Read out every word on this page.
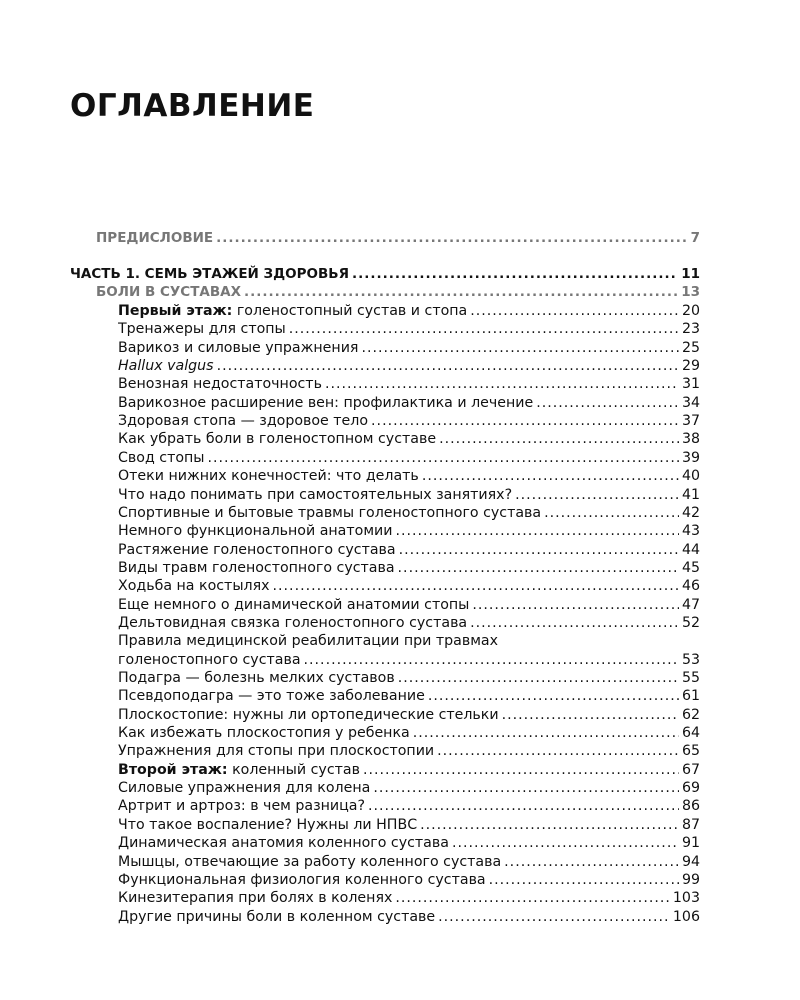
ОГЛАВЛЕНИЕ
ПРЕДИСЛОВИЕ .....	7
ЧАСТЬ 1. СЕМЬ ЭТАЖЕЙ ЗДОРОВЬЯ .....	11
БОЛИ В СУСТАВАХ .....	13
Первый этаж: голеностопный сустав и стопа .....	20
Тренажеры для стопы .....	23
Варикоз и силовые упражнения .....	25
Hallux valgus .....	29
Венозная недостаточность .....	31
Варикозное расширение вен: профилактика и лечение .....	34
Здоровая стопа — здоровое тело .....	37
Как убрать боли в голеностопном суставе .....	38
Свод стопы .....	39
Отеки нижних конечностей: что делать .....	40
Что надо понимать при самостоятельных занятиях? .....	41
Спортивные и бытовые травмы голеностопного сустава .....	42
Немного функциональной анатомии .....	43
Растяжение голеностопного сустава .....	44
Виды травм голеностопного сустава .....	45
Ходьба на костылях .....	46
Еще немного о динамической анатомии стопы .....	47
Дельтовидная связка голеностопного сустава .....	52
Правила медицинской реабилитации при травмах
голеностопного сустава .....	53
Подагра — болезнь мелких суставов .....	55
Псевдоподагра — это тоже заболевание .....	61
Плоскостопие: нужны ли ортопедические стельки .....	62
Как избежать плоскостопия у ребенка .....	64
Упражнения для стопы при плоскостопии .....	65
Второй этаж: коленный сустав .....	67
Силовые упражнения для колена .....	69
Артрит и артроз: в чем разница? .....	86
Что такое воспаление? Нужны ли НПВС .....	87
Динамическая анатомия коленного сустава .....	91
Мышцы, отвечающие за работу коленного сустава .....	94
Функциональная физиология коленного сустава .....	99
Кинезитерапия при болях в коленях .....	103
Другие причины боли в коленном суставе .....	106
